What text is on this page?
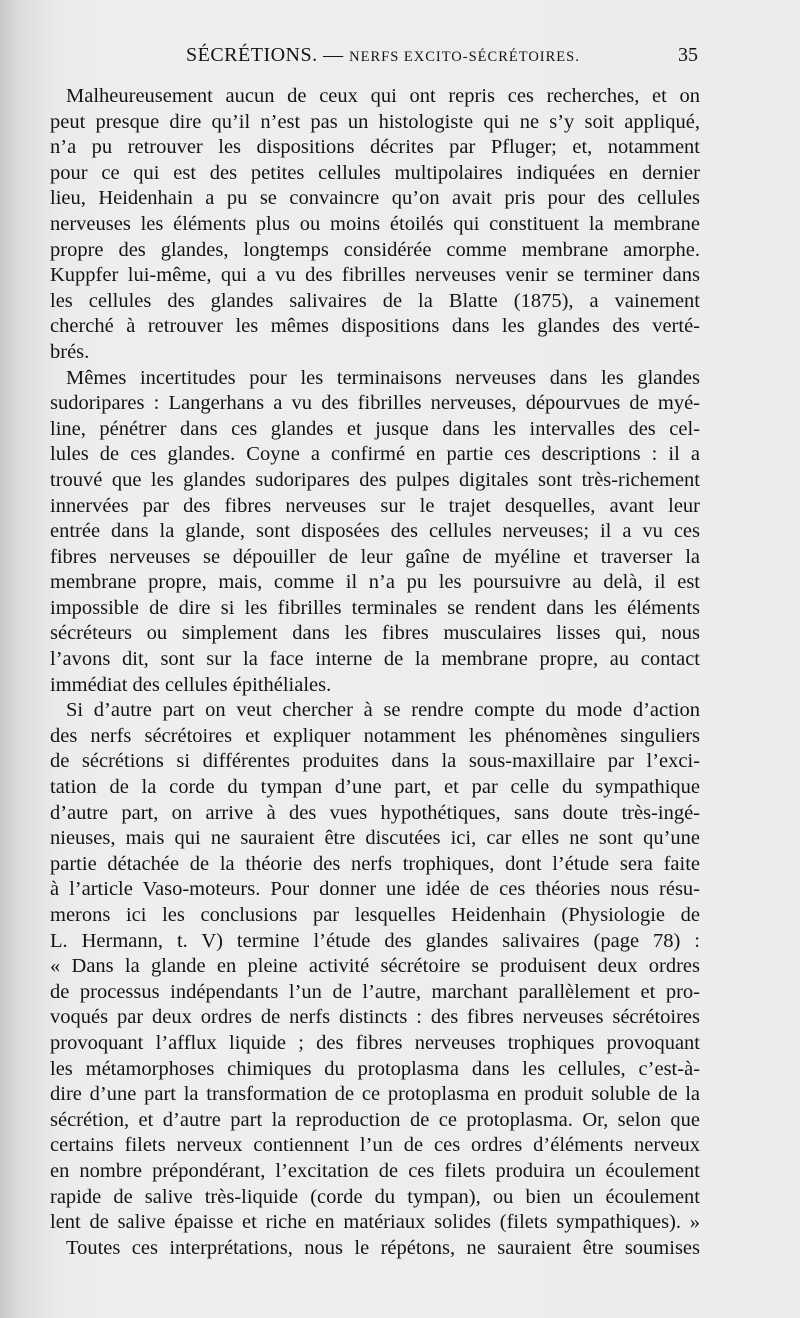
SÉCRÉTIONS. — NERFS EXCITO-SÉCRÉTOIRES.	35
Malheureusement aucun de ceux qui ont repris ces recherches, et on
peut presque dire qu’il n’est pas un histologiste qui ne s’y soit appliqué,
n’a pu retrouver les dispositions décrites par Pfluger; et, notamment
pour ce qui est des petites cellules multipolaires indiquées en dernier
lieu, Heidenhain a pu se convaincre qu’on avait pris pour des cellules
nerveuses les éléments plus ou moins étoilés qui constituent la membrane
propre des glandes, longtemps considérée comme membrane amorphe.
Kuppfer lui-même, qui a vu des fibrilles nerveuses venir se terminer dans
les cellules des glandes salivaires de la Blatte (1875), a vainement
cherché à retrouver les mêmes dispositions dans les glandes des verté-
brés.
Mêmes incertitudes pour les terminaisons nerveuses dans les glandes
sudoripares : Langerhans a vu des fibrilles nerveuses, dépourvues de myé-
line, pénétrer dans ces glandes et jusque dans les intervalles des cel-
lules de ces glandes. Coyne a confirmé en partie ces descriptions : il a
trouvé que les glandes sudoripares des pulpes digitales sont très-richement
innervées par des fibres nerveuses sur le trajet desquelles, avant leur
entrée dans la glande, sont disposées des cellules nerveuses; il a vu ces
fibres nerveuses se dépouiller de leur gaîne de myéline et traverser la
membrane propre, mais, comme il n’a pu les poursuivre au delà, il est
impossible de dire si les fibrilles terminales se rendent dans les éléments
sécréteurs ou simplement dans les fibres musculaires lisses qui, nous
l’avons dit, sont sur la face interne de la membrane propre, au contact
immédiat des cellules épithéliales.
Si d’autre part on veut chercher à se rendre compte du mode d’action
des nerfs sécrétoires et expliquer notamment les phénomènes singuliers
de sécrétions si différentes produites dans la sous-maxillaire par l’exci-
tation de la corde du tympan d’une part, et par celle du sympathique
d’autre part, on arrive à des vues hypothétiques, sans doute très-ingé-
nieuses, mais qui ne sauraient être discutées ici, car elles ne sont qu’une
partie détachée de la théorie des nerfs trophiques, dont l’étude sera faite
à l’article Vaso-moteurs. Pour donner une idée de ces théories nous résu-
merons ici les conclusions par lesquelles Heidenhain (Physiologie de
L. Hermann, t. V) termine l’étude des glandes salivaires (page 78) :
« Dans la glande en pleine activité sécrétoire se produisent deux ordres
de processus indépendants l’un de l’autre, marchant parallèlement et pro-
voqués par deux ordres de nerfs distincts : des fibres nerveuses sécrétoires
provoquant l’afflux liquide ; des fibres nerveuses trophiques provoquant
les métamorphoses chimiques du protoplasma dans les cellules, c’est-à-
dire d’une part la transformation de ce protoplasma en produit soluble de la
sécrétion, et d’autre part la reproduction de ce protoplasma. Or, selon que
certains filets nerveux contiennent l’un de ces ordres d’éléments nerveux
en nombre prépondérant, l’excitation de ces filets produira un écoulement
rapide de salive très-liquide (corde du tympan), ou bien un écoulement
lent de salive épaisse et riche en matériaux solides (filets sympathiques). »
Toutes ces interprétations, nous le répétons, ne sauraient être soumises
